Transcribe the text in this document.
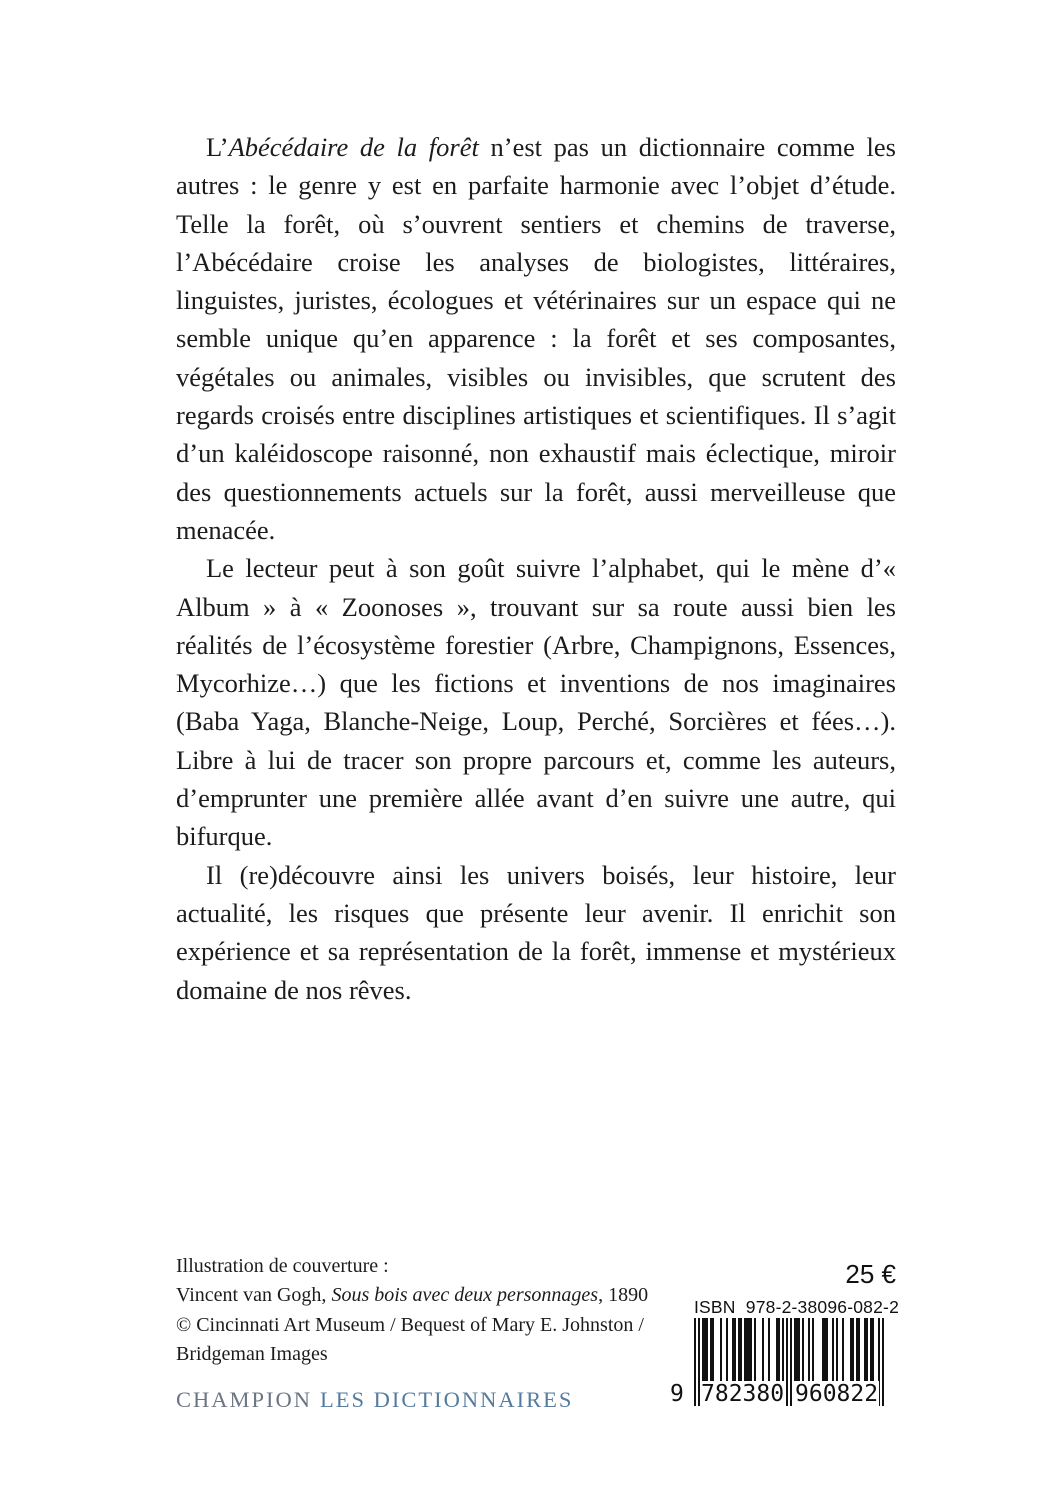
L’Abécédaire de la forêt n’est pas un dictionnaire comme les autres : le genre y est en parfaite harmonie avec l’objet d’étude. Telle la forêt, où s’ouvrent sentiers et chemins de traverse, l’Abécédaire croise les analyses de biologistes, littéraires, linguistes, juristes, écologues et vétérinaires sur un espace qui ne semble unique qu’en apparence : la forêt et ses composantes, végétales ou animales, visibles ou invisibles, que scrutent des regards croisés entre disciplines artistiques et scientifiques. Il s’agit d’un kaléidoscope raisonné, non exhaustif mais éclectique, miroir des questionnements actuels sur la forêt, aussi merveilleuse que menacée.

Le lecteur peut à son goût suivre l’alphabet, qui le mène d’« Album » à « Zoonoses », trouvant sur sa route aussi bien les réalités de l’écosystème forestier (Arbre, Champignons, Essences, Mycorhize…) que les fictions et inventions de nos imaginaires (Baba Yaga, Blanche-Neige, Loup, Perché, Sorcières et fées…). Libre à lui de tracer son propre parcours et, comme les auteurs, d’emprunter une première allée avant d’en suivre une autre, qui bifurque.

Il (re)découvre ainsi les univers boisés, leur histoire, leur actualité, les risques que présente leur avenir. Il enrichit son expérience et sa représentation de la forêt, immense et mystérieux domaine de nos rêves.

Illustration de couverture :
Vincent van Gogh, Sous bois avec deux personnages, 1890
© Cincinnati Art Museum / Bequest of Mary E. Johnston /
Bridgeman Images
25 €
ISBN  978-2-38096-082-2
9 782380 960822
CHAMPION LES DICTIONNAIRES
